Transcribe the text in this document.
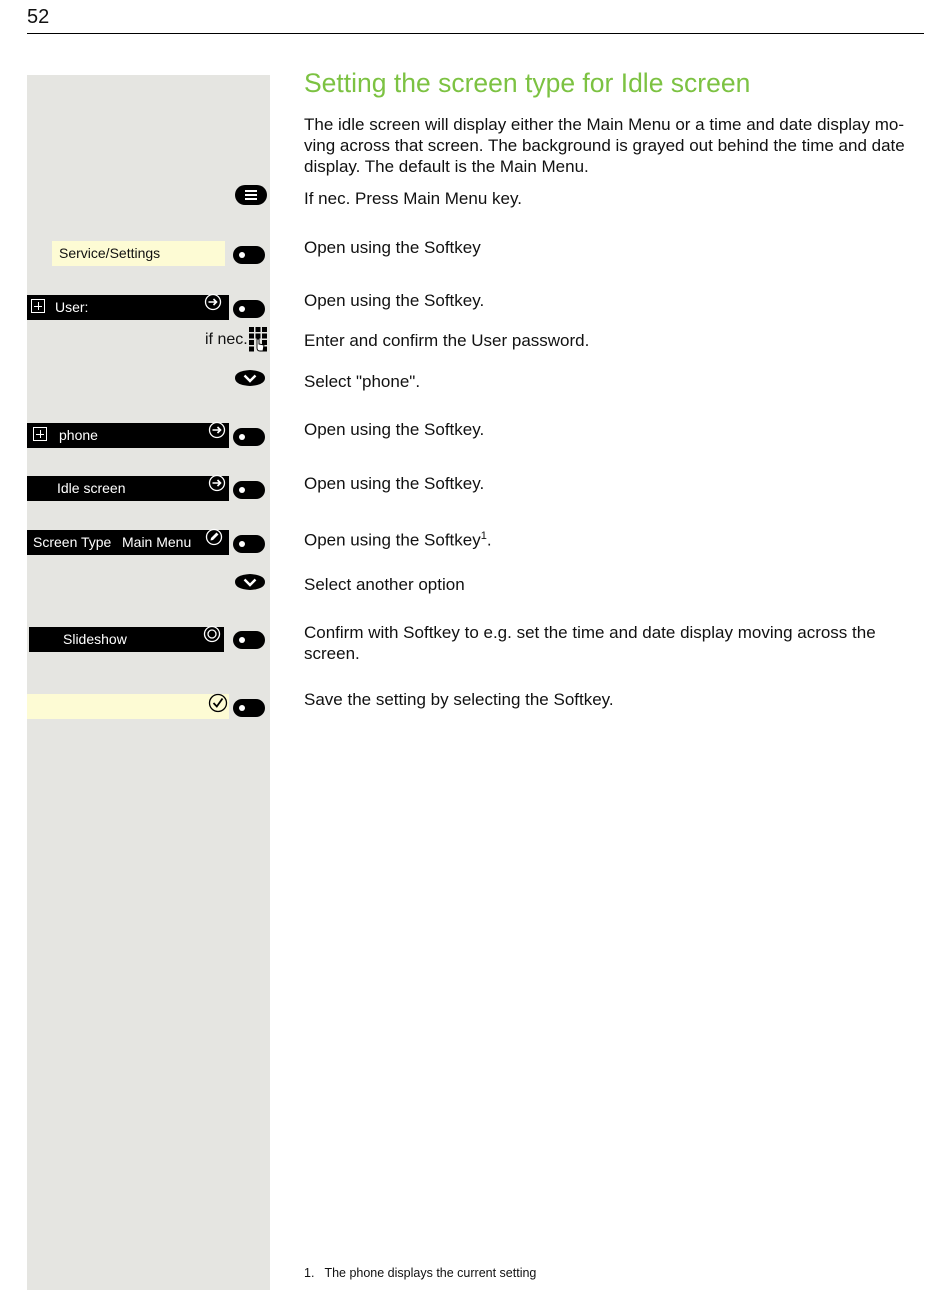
52
Service/Settings
User:
if nec.
phone
Idle screen
Screen Type Main Menu
Slideshow
Setting the screen type for Idle screen

The idle screen will display either the Main Menu or a time and date display mo-ving across that screen. The background is grayed out behind the time and date display. The default is the Main Menu.

If nec. Press Main Menu key.

Open using the Softkey

Open using the Softkey.

Enter and confirm the User password.

Select "phone".

Open using the Softkey.

Open using the Softkey.

Open using the Softkey$^1$.

Select another option

Confirm with Softkey to e.g. set the time and date display moving across the screen.

Save the setting by selecting the Softkey.

1. The phone displays the current setting
